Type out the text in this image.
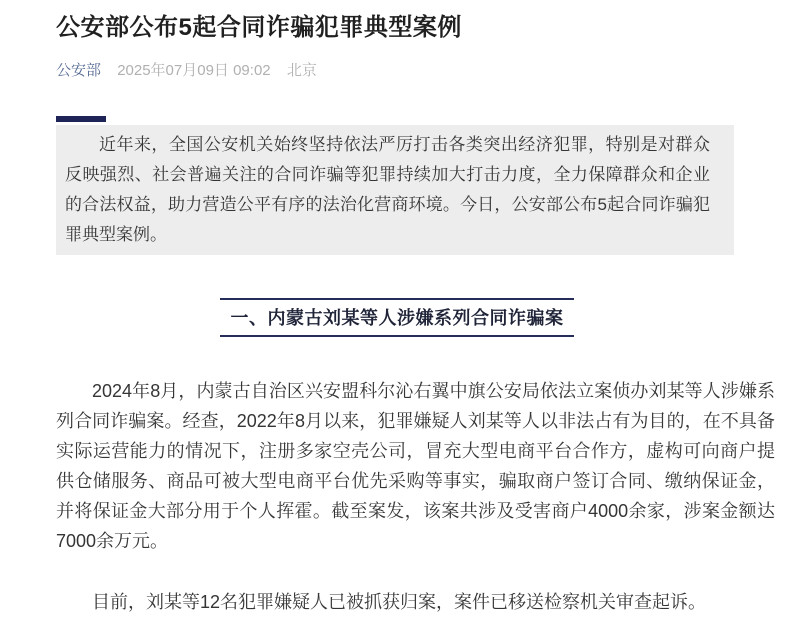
公安部公布5起合同诈骗犯罪典型案例
公安部 2025年07月09日 09:02 北京

近年来，全国公安机关始终坚持依法严厉打击各类突出经济犯罪，特别是对群众反映强烈、社会普遍关注的合同诈骗等犯罪持续加大打击力度，全力保障群众和企业的合法权益，助力营造公平有序的法治化营商环境。今日，公安部公布5起合同诈骗犯罪典型案例。

一、内蒙古刘某等人涉嫌系列合同诈骗案

2024年8月，内蒙古自治区兴安盟科尔沁右翼中旗公安局依法立案侦办刘某等人涉嫌系列合同诈骗案。经查，2022年8月以来，犯罪嫌疑人刘某等人以非法占有为目的，在不具备实际运营能力的情况下，注册多家空壳公司，冒充大型电商平台合作方，虚构可向商户提供仓储服务、商品可被大型电商平台优先采购等事实，骗取商户签订合同、缴纳保证金，并将保证金大部分用于个人挥霍。截至案发，该案共涉及受害商户4000余家，涉案金额达7000余万元。

目前，刘某等12名犯罪嫌疑人已被抓获归案，案件已移送检察机关审查起诉。
